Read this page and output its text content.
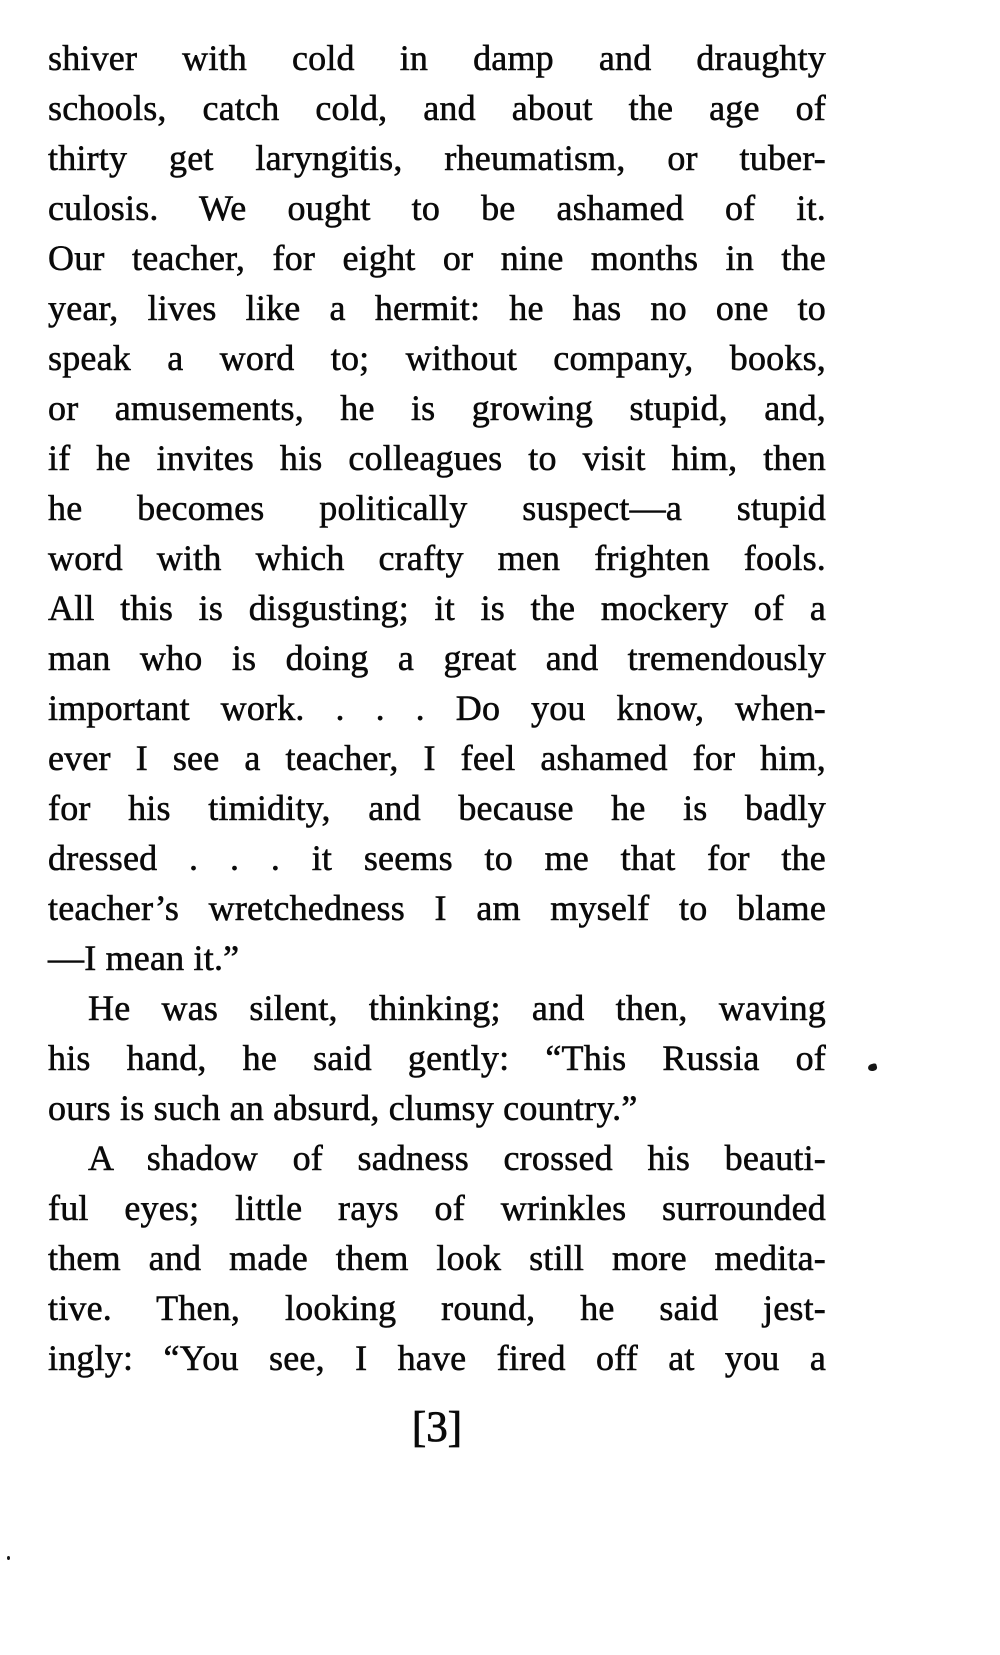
shiver with cold in damp and draughty
schools, catch cold, and about the age of
thirty get laryngitis, rheumatism, or tuber-
culosis. We ought to be ashamed of it.
Our teacher, for eight or nine months in the
year, lives like a hermit: he has no one to
speak a word to; without company, books,
or amusements, he is growing stupid, and,
if he invites his colleagues to visit him, then
he becomes politically suspect—a stupid
word with which crafty men frighten fools.
All this is disgusting; it is the mockery of a
man who is doing a great and tremendously
important work. . . . Do you know, when-
ever I see a teacher, I feel ashamed for him,
for his timidity, and because he is badly
dressed . . . it seems to me that for the
teacher’s wretchedness I am myself to blame
—I mean it.”
He was silent, thinking; and then, waving
his hand, he said gently: “This Russia of
ours is such an absurd, clumsy country.”
A shadow of sadness crossed his beauti-
ful eyes; little rays of wrinkles surrounded
them and made them look still more medita-
tive. Then, looking round, he said jest-
ingly: “You see, I have fired off at you a
[3]
